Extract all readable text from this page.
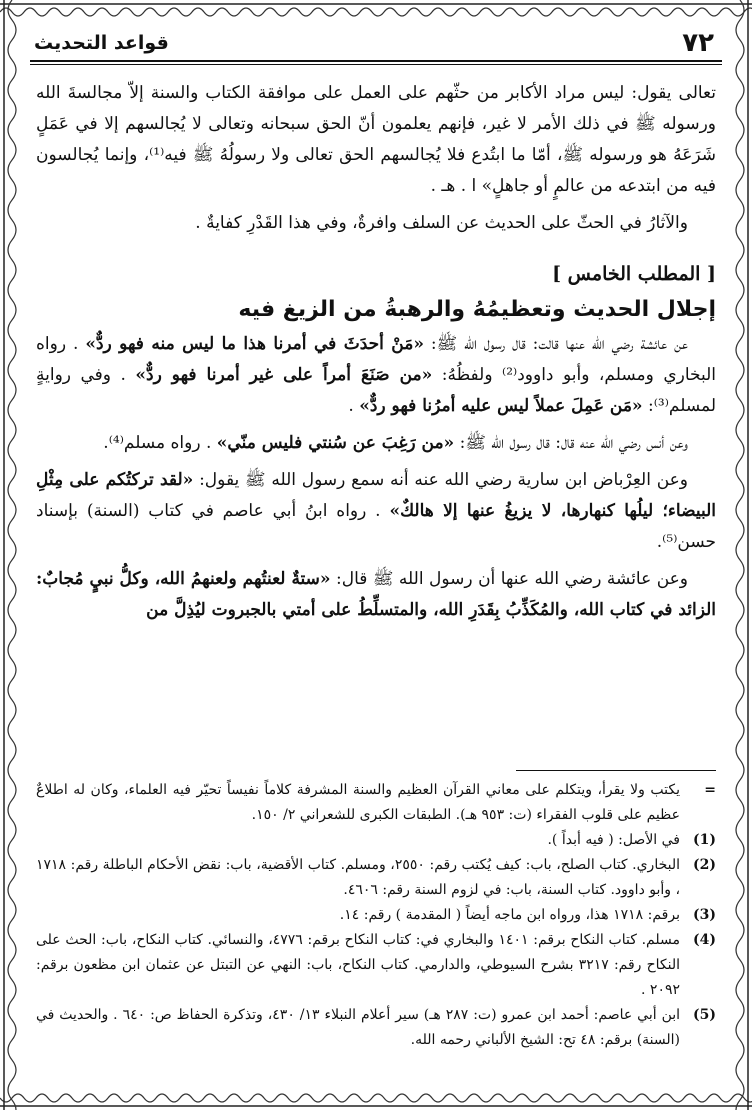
٧٢
قواعد التحديث

تعالى يقول: ليس مراد الأكابر من حثّهم على العمل على موافقة الكتاب والسنة إلاّ مجالسةَ الله ورسوله ﷺ في ذلك الأمر لا غير، فإنهم يعلمون أنّ الحق سبحانه وتعالى لا يُجالسهم إلا في عَمَلٍ شَرَعَهُ هو ورسوله ﷺ، أمّا ما ابتُدع فلا يُجالسهم الحق تعالى ولا رسولُهُ ﷺ فيه⁽¹⁾، وإنما يُجالسون فيه من ابتدعه من عالمٍ أو جاهلٍ» ا . هـ .

والآثارُ في الحثّ على الحديث عن السلف وافرةٌ، وفي هذا القَدْرِ كفايةٌ .

[ المطلب الخامس ]
إجلال الحديث وتعظيمُهُ والرهبةُ من الزيغ فيه

عن عائشة رضي الله عنها قالت: قال رسول الله ﷺ: «مَنْ أحدَثَ في أمرنا هذا ما ليس منه فهو ردٌّ» . رواه البخاري ومسلم، وأبو داوود⁽²⁾ ولفظُهُ: «من صَنَعَ أمراً على غير أمرنا فهو ردٌّ» . وفي روايةٍ لمسلم⁽³⁾: «مَن عَمِلَ عملاً ليس عليه أمرُنا فهو ردٌّ» .

وعن أنس رضي الله عنه قال: قال رسول الله ﷺ: «من رَغِبَ عن سُنتي فليس منّي» . رواه مسلم⁽⁴⁾.

وعن العِرْباض ابن سارية رضي الله عنه أنه سمع رسول الله ﷺ يقول: «لقد تركتُكم على مِثْلِ البيضاء؛ ليلُها كنهارها، لا يزيغُ عنها إلا هالكٌ» . رواه ابنُ أبي عاصم في كتاب (السنة) بإسناد حسن⁽⁵⁾.

وعن عائشة رضي الله عنها أن رسول الله ﷺ قال: «ستةٌ لعنتُهم ولعنهمُ الله، وكلُّ نبيٍ مُجابٌ: الزائد في كتاب الله، والمُكَذِّبُ بِقَدَرِ الله، والمتسلِّطُ على أمتي بالجبروت ليُذِلَّ من

=
يكتب ولا يقرأ، ويتكلم على معاني القرآن العظيم والسنة المشرفة كلاماً نفيساً تحيّر فيه العلماء، وكان له اطلاعٌ عظيم على قلوب الفقراء (ت: ٩٥٣ هـ). الطبقات الكبرى للشعراني ٢/ ١٥٠.
(1)
في الأصل: ( فيه أبداً ).
(2)
البخاري. كتاب الصلح، باب: كيف يُكتب رقم: ٢٥٥٠، ومسلم. كتاب الأقضية، باب: نقض الأحكام الباطلة رقم: ١٧١٨ ، وأبو داوود. كتاب السنة، باب: في لزوم السنة رقم: ٤٦٠٦.
(3)
برقم: ١٧١٨ هذا، ورواه ابن ماجه أيضاً ( المقدمة ) رقم: ١٤.
(4)
مسلم. كتاب النكاح برقم: ١٤٠١ والبخاري في: كتاب النكاح برقم: ٤٧٧٦، والنسائي. كتاب النكاح، باب: الحث على النكاح رقم: ٣٢١٧ بشرح السيوطي، والدارمي. كتاب النكاح، باب: النهي عن التبتل عن عثمان ابن مظعون برقم: ٢٠٩٢ .
(5)
ابن أبي عاصم: أحمد ابن عمرو (ت: ٢٨٧ هـ) سير أعلام النبلاء ١٣/ ٤٣٠، وتذكرة الحفاظ ص: ٦٤٠ . والحديث في (السنة) برقم: ٤٨ تح: الشيخ الألباني رحمه الله.
